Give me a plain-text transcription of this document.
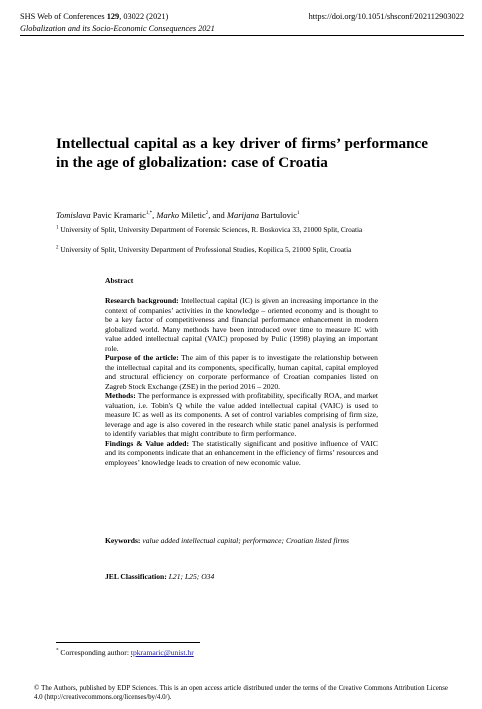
SHS Web of Conferences 129, 03022 (2021)	https://doi.org/10.1051/shsconf/202112903022
Globalization and its Socio-Economic Consequences 2021
Intellectual capital as a key driver of firms’ performance in the age of globalization: case of Croatia
Tomislava Pavic Kramaric$^{1,*}$, Marko Miletic$^2$, and Marijana Bartulovic$^1$
$^1$ University of Split, University Department of Forensic Sciences, R. Boskovica 33, 21000 Split, Croatia
$^2$ University of Split, University Department of Professional Studies, Kopilica 5, 21000 Split, Croatia
Abstract

Research background: Intellectual capital (IC) is given an increasing importance in the context of companies’ activities in the knowledge – oriented economy and is thought to be a key factor of competitiveness and financial performance enhancement in modern globalized world. Many methods have been introduced over time to measure IC with value added intellectual capital (VAIC) proposed by Pulic (1998) playing an important role.

Purpose of the article: The aim of this paper is to investigate the relationship between the intellectual capital and its components, specifically, human capital, capital employed and structural efficiency on corporate performance of Croatian companies listed on Zagreb Stock Exchange (ZSE) in the period 2016 – 2020.

Methods: The performance is expressed with profitability, specifically ROA, and market valuation, i.e. Tobin's Q while the value added intellectual capital (VAIC) is used to measure IC as well as its components. A set of control variables comprising of firm size, leverage and age is also covered in the research while static panel analysis is performed to identify variables that might contribute to firm performance.

Findings & Value added: The statistically significant and positive influence of VAIC and its components indicate that an enhancement in the efficiency of firms’ resources and employees’ knowledge leads to creation of new economic value.

Keywords: value added intellectual capital; performance; Croatian listed firms
JEL Classification: L21; L25; O34
* Corresponding author: tpkramaric@unist.hr
© The Authors, published by EDP Sciences. This is an open access article distributed under the terms of the Creative Commons Attribution License 4.0 (http://creativecommons.org/licenses/by/4.0/).
